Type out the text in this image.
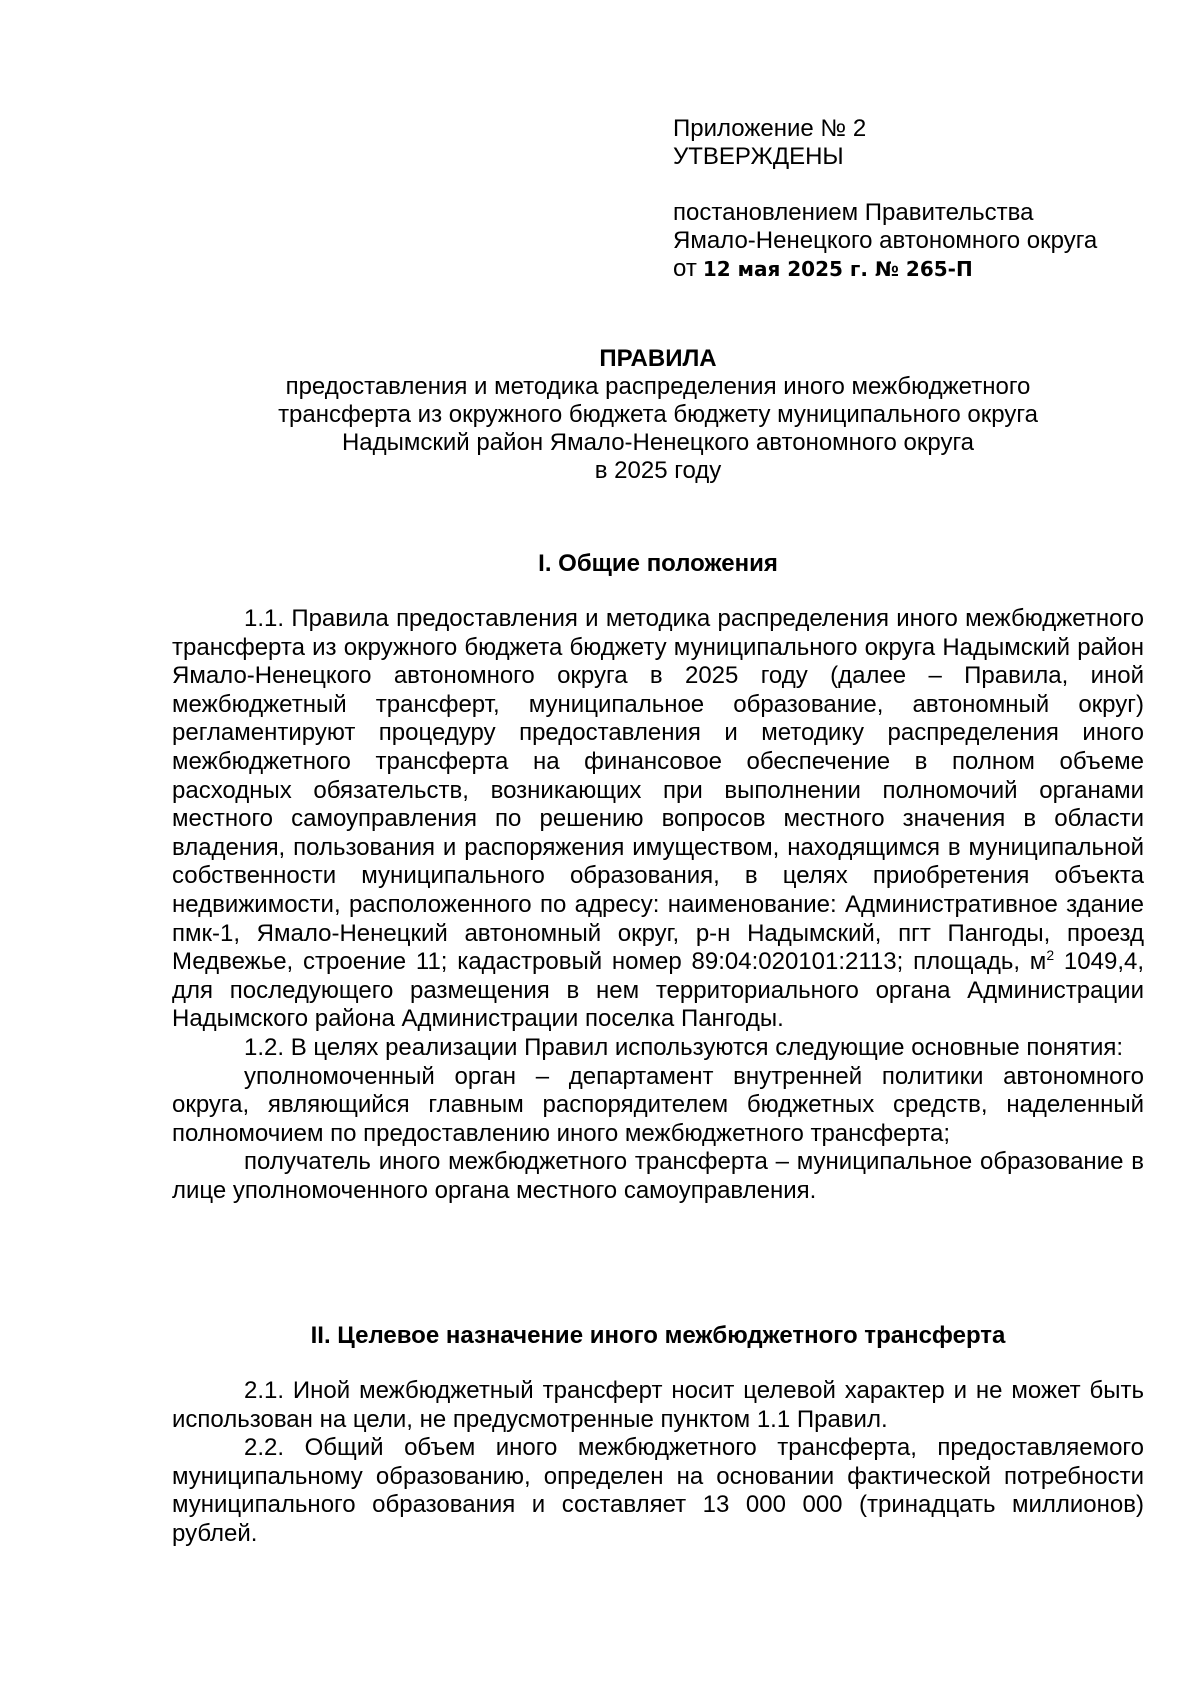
Приложение № 2
УТВЕРЖДЕНЫ
постановлением Правительства
Ямало-Ненецкого автономного округа
от 12 мая 2025 г. № 265-П
ПРАВИЛА
предоставления и методика распределения иного межбюджетного
трансферта из окружного бюджета бюджету муниципального округа
Надымский район Ямало-Ненецкого автономного округа
в 2025 году
I. Общие положения

1.1. Правила предоставления и методика распределения иного межбюджетного трансферта из окружного бюджета бюджету муниципального округа Надымский район Ямало-Ненецкого автономного округа в 2025 году (далее – Правила, иной межбюджетный трансферт, муниципальное образование, автономный округ) регламентируют процедуру предоставления и методику распределения иного межбюджетного трансферта на финансовое обеспечение в полном объеме расходных обязательств, возникающих при выполнении полномочий органами местного самоуправления по решению вопросов местного значения в области владения, пользования и распоряжения имуществом, находящимся в муниципальной собственности муниципального образования, в целях приобретения объекта недвижимости, расположенного по адресу: наименование: Административное здание пмк-1, Ямало-Ненецкий автономный округ, р-н Надымский, пгт Пангоды, проезд Медвежье, строение 11; кадастровый номер 89:04:020101:2113; площадь, $м^2$ 1049,4, для последующего размещения в нем территориального органа Администрации Надымского района Администрации поселка Пангоды.

1.2. В целях реализации Правил используются следующие основные понятия:

уполномоченный орган – департамент внутренней политики автономного округа, являющийся главным распорядителем бюджетных средств, наделенный полномочием по предоставлению иного межбюджетного трансферта;

получатель иного межбюджетного трансферта – муниципальное образование в лице уполномоченного органа местного самоуправления.

II. Целевое назначение иного межбюджетного трансферта

2.1. Иной межбюджетный трансферт носит целевой характер и не может быть использован на цели, не предусмотренные пунктом 1.1 Правил.

2.2. Общий объем иного межбюджетного трансферта, предоставляемого муниципальному образованию, определен на основании фактической потребности муниципального образования и составляет 13 000 000 (тринадцать миллионов) рублей.
